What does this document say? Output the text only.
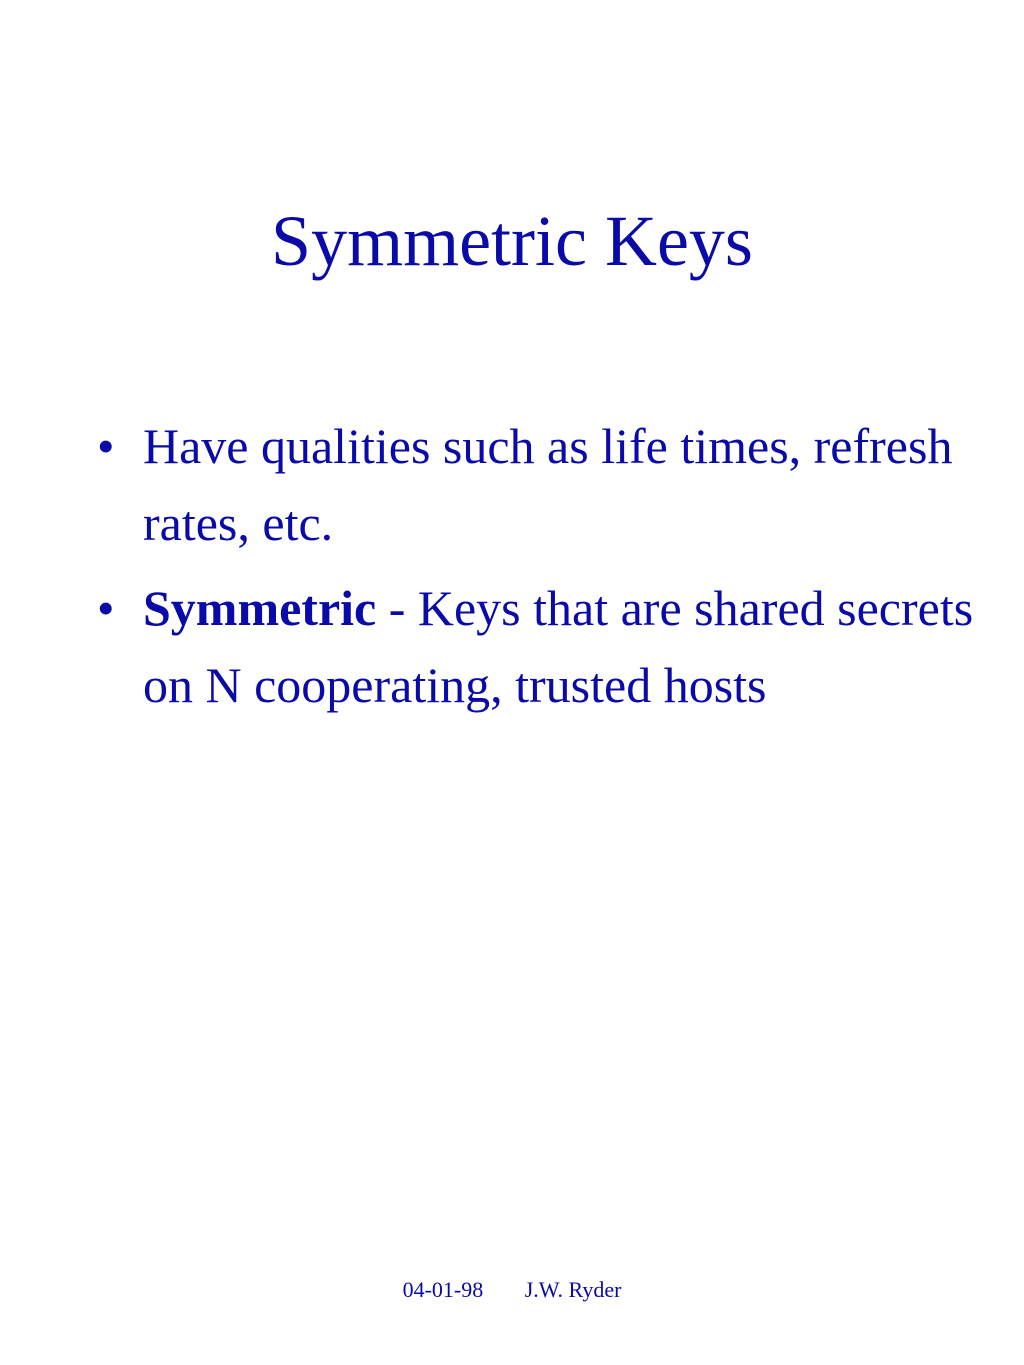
Symmetric Keys
• Have qualities such as life times, refresh rates, etc.
• Symmetric - Keys that are shared secrets on N cooperating, trusted hosts
04-01-98 J.W. Ryder
